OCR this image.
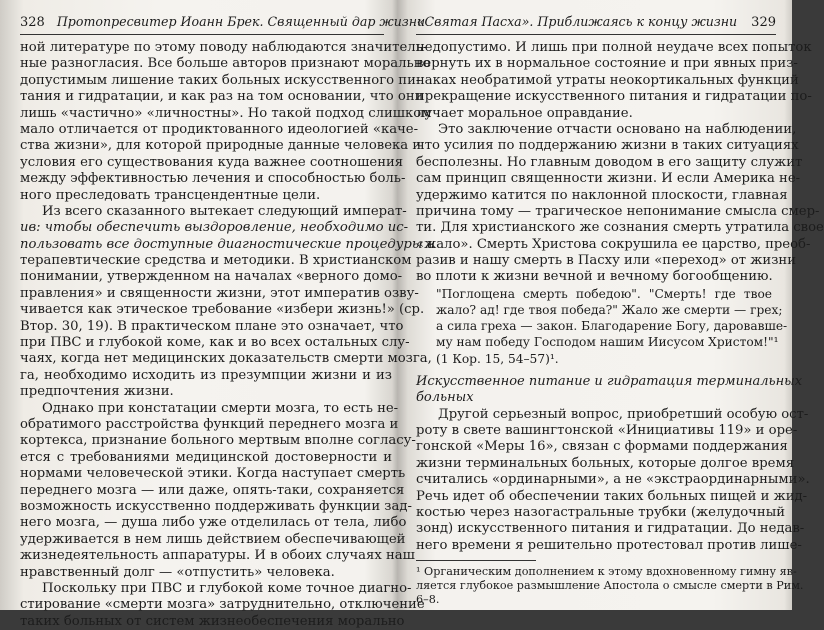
328 Протопресвитер Иоанн Брек. Священный дар жизни
ной литературе по этому поводу наблюдаются значитель-
ные разногласия. Все больше авторов признают морально
допустимым лишение таких больных искусственного пи-
тания и гидратации, и как раз на том основании, что они
лишь «частично» «личностны». Но такой подход слишком
мало отличается от продиктованного идеологией «каче-
ства жизни», для которой природные данные человека и
условия его существования куда важнее соотношения
между эффективностью лечения и способностью боль-
ного преследовать трансцендентные цели.
Из всего сказанного вытекает следующий императ-
ив: чтобы обеспечить выздоровление, необходимо ис-
пользовать все доступные диагностические процедуры и
терапевтические средства и методики. В христианском
понимании, утвержденном на началах «верного домо-
правления» и священности жизни, этот императив озву-
чивается как этическое требование «избери жизнь!» (ср.
Втор. 30, 19). В практическом плане это означает, что
при ПВС и глубокой коме, как и во всех остальных слу-
чаях, когда нет медицинских доказательств смерти мозга,
га, необходимо исходить из презумпции жизни и из
предпочтения жизни.
Однако при констатации смерти мозга, то есть не-
обратимого расстройства функций переднего мозга и
кортекса, признание больного мертвым вполне согласу-
ется с требованиями медицинской достоверности и
нормами человеческой этики. Когда наступает смерть
переднего мозга — или даже, опять-таки, сохраняется
возможность искусственно поддерживать функции зад-
него мозга, — душа либо уже отделилась от тела, либо
удерживается в нем лишь действием обеспечивающей
жизнедеятельность аппаратуры. И в обоих случаях наш
нравственный долг — «отпустить» человека.
Поскольку при ПВС и глубокой коме точное диагно-
стирование «смерти мозга» затруднительно, отключение
таких больных от систем жизнеобеспечения морально
«Святая Пасха». Приближаясь к концу жизни 329
недопустимо. И лишь при полной неудаче всех попыток
вернуть их в нормальное состояние и при явных приз-
наках необратимой утраты неокортикальных функций
прекращение искусственного питания и гидратации по-
лучает моральное оправдание.
Это заключение отчасти основано на наблюдении,
что усилия по поддержанию жизни в таких ситуациях
бесполезны. Но главным доводом в его защиту служит
сам принцип священности жизни. И если Америка не-
удержимо катится по наклонной плоскости, главная
причина тому — трагическое непонимание смысла смер-
ти. Для христианского же сознания смерть утратила свое
«жало». Смерть Христова сокрушила ее царство, преоб-
разив и нашу смерть в Пасху или «переход» от жизни
во плоти к жизни вечной и вечному богообщению.
"Поглощена смерть победою". "Смерть! где твое
жало? ад! где твоя победа?" Жало же смерти — грех;
а сила греха — закон. Благодарение Богу, даровавше-
му нам победу Господом нашим Иисусом Христом!"¹
(1 Кор. 15, 54–57)¹.
Искусственное питание и гидратация терминальных
больных
Другой серьезный вопрос, приобретший особую ост-
роту в свете вашингтонской «Инициативы 119» и оре-
гонской «Меры 16», связан с формами поддержания
жизни терминальных больных, которые долгое время
считались «ординарными», а не «экстраординарными».
Речь идет об обеспечении таких больных пищей и жид-
костью через назогастральные трубки (желудочный
зонд) искусственного питания и гидратации. До недав-
него времени я решительно протестовал против лише-
¹ Органическим дополнением к этому вдохновенному гимну яв-
ляется глубокое размышление Апостола о смысле смерти в Рим.
6–8.
